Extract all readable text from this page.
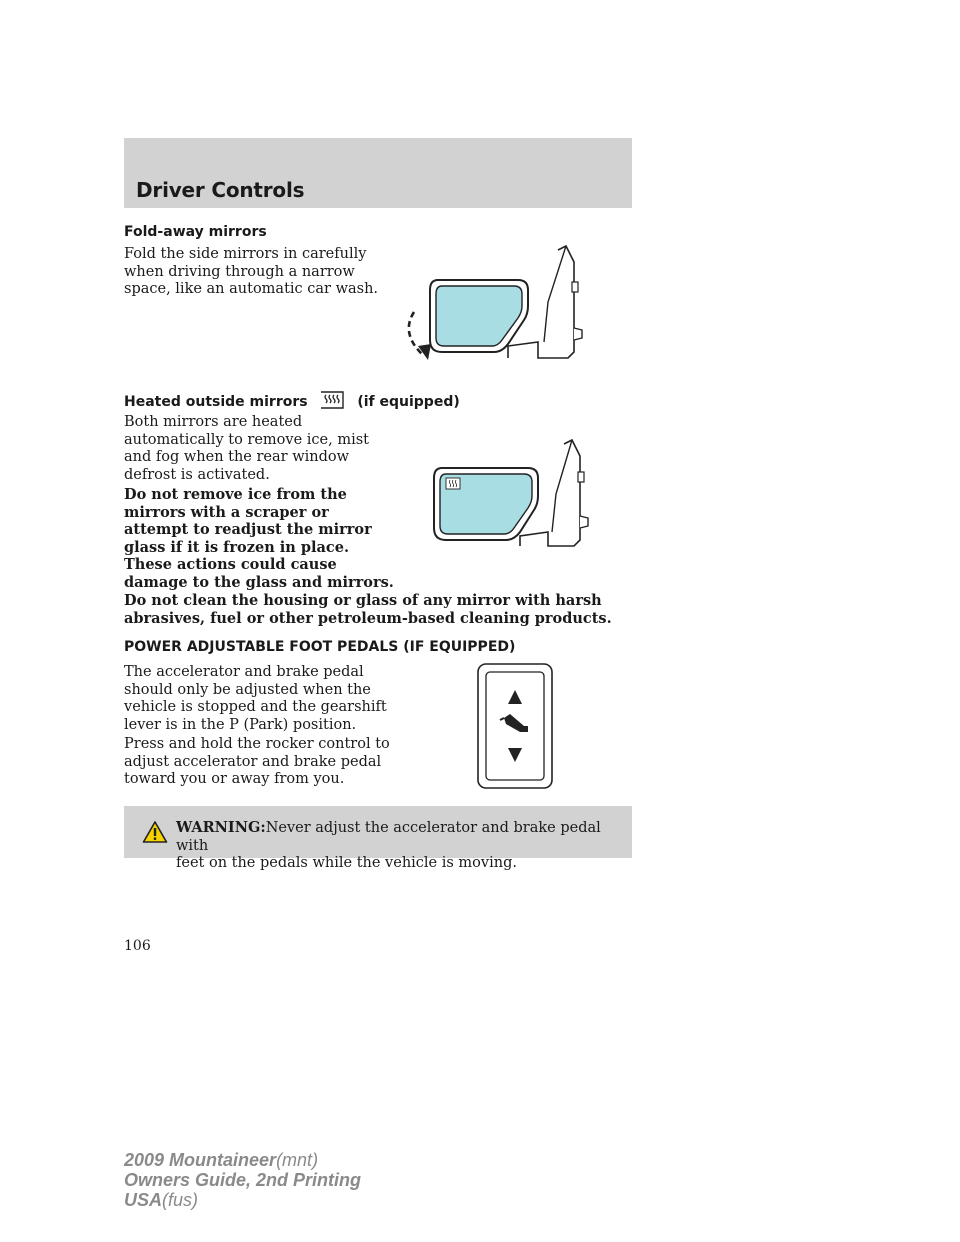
Driver Controls
Fold-away mirrors
Fold the side mirrors in carefully
when driving through a narrow
space, like an automatic car wash.
Heated outside mirrors	(if equipped)
Both mirrors are heated
automatically to remove ice, mist
and fog when the rear window
defrost is activated.
Do not remove ice from the
mirrors with a scraper or
attempt to readjust the mirror
glass if it is frozen in place.
These actions could cause
damage to the glass and mirrors.
Do not clean the housing or glass of any mirror with harsh
abrasives, fuel or other petroleum-based cleaning products.
POWER ADJUSTABLE FOOT PEDALS (IF EQUIPPED)
The accelerator and brake pedal
should only be adjusted when the
vehicle is stopped and the gearshift
lever is in the P (Park) position.
Press and hold the rocker control to
adjust accelerator and brake pedal
toward you or away from you.
WARNING:Never adjust the accelerator and brake pedal with
feet on the pedals while the vehicle is moving.
106
2009 Mountaineer(mnt)
Owners Guide, 2nd Printing
USA(fus)
